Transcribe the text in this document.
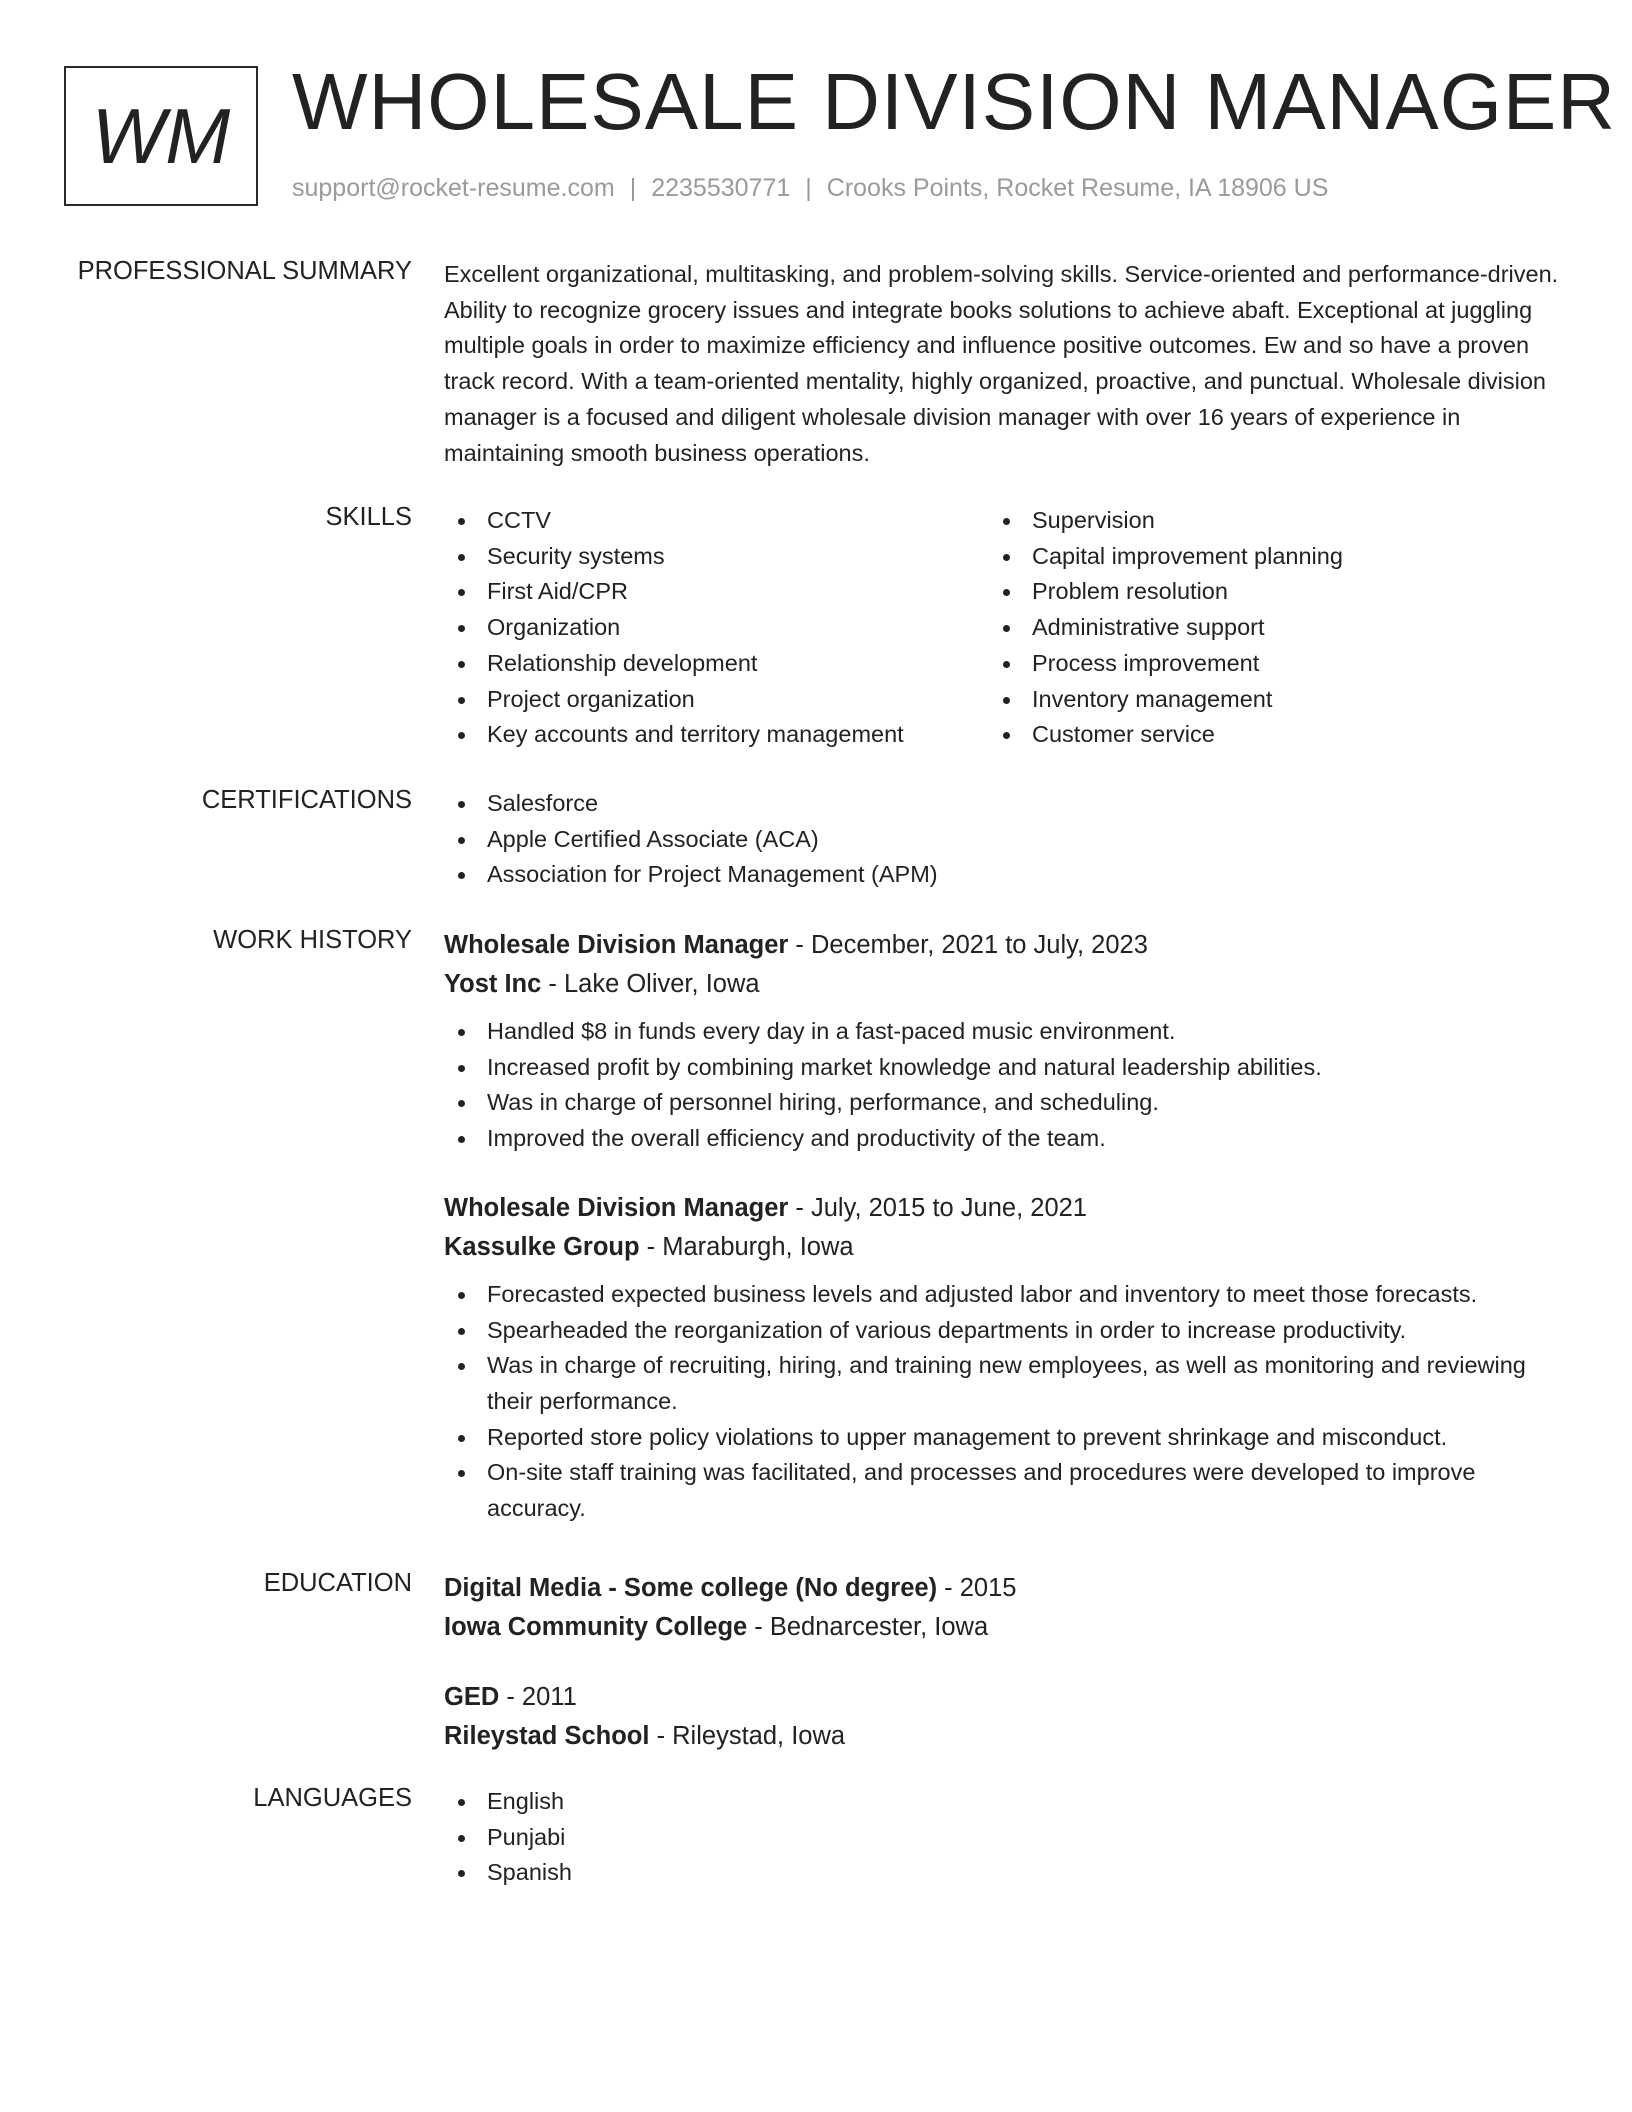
WM WHOLESALE DIVISION MANAGER
support@rocket-resume.com | 2235530771 | Crooks Points, Rocket Resume, IA 18906 US
PROFESSIONAL SUMMARY Excellent organizational, multitasking, and problem-solving skills. Service-oriented and performance-driven. Ability to recognize grocery issues and integrate books solutions to achieve abaft. Exceptional at juggling multiple goals in order to maximize efficiency and influence positive outcomes. Ew and so have a proven track record. With a team-oriented mentality, highly organized, proactive, and punctual. Wholesale division manager is a focused and diligent wholesale division manager with over 16 years of experience in maintaining smooth business operations.
SKILLS	CCTV
Security systems
First Aid/CPR
Organization
Relationship development
Project organization
Key accounts and territory management
Supervision
Capital improvement planning
Problem resolution
Administrative support
Process improvement
Inventory management
Customer service
CERTIFICATIONS	Salesforce
Apple Certified Associate (ACA)
Association for Project Management (APM)
WORK HISTORY Wholesale Division Manager - December, 2021 to July, 2023
Yost Inc - Lake Oliver, Iowa
Handled $8 in funds every day in a fast-paced music environment.
Increased profit by combining market knowledge and natural leadership abilities.
Was in charge of personnel hiring, performance, and scheduling.
Improved the overall efficiency and productivity of the team.
Wholesale Division Manager - July, 2015 to June, 2021
Kassulke Group - Maraburgh, Iowa
Forecasted expected business levels and adjusted labor and inventory to meet those forecasts.
Spearheaded the reorganization of various departments in order to increase productivity.
Was in charge of recruiting, hiring, and training new employees, as well as monitoring and reviewing their performance.
Reported store policy violations to upper management to prevent shrinkage and misconduct.
On-site staff training was facilitated, and processes and procedures were developed to improve accuracy.
EDUCATION Digital Media - Some college (No degree) - 2015
Iowa Community College - Bednarcester, Iowa
GED - 2011
Rileystad School - Rileystad, Iowa
LANGUAGES	English
Punjabi
Spanish
